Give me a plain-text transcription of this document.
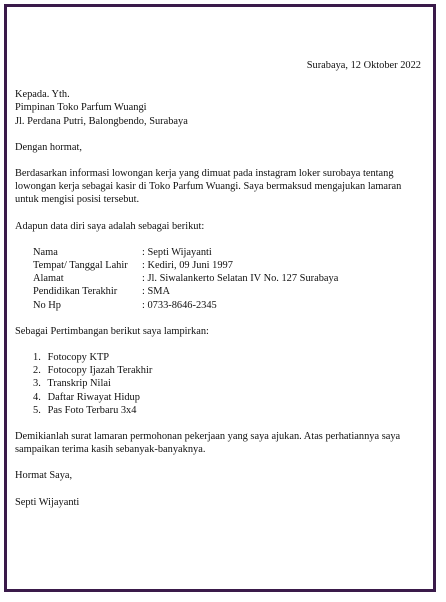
Surabaya, 12 Oktober 2022

Kepada. Yth.
Pimpinan Toko Parfum Wuangi
Jl. Perdana Putri, Balongbendo, Surabaya

Dengan hormat,

Berdasarkan informasi lowongan kerja yang dimuat pada instagram loker surobaya tentang lowongan kerja sebagai kasir di Toko Parfum Wuangi. Saya bermaksud mengajukan lamaran untuk mengisi posisi tersebut.

Adapun data diri saya adalah sebagai berikut:

Nama	: Septi Wijayanti
Tempat/ Tanggal Lahir	: Kediri, 09 Juni 1997
Alamat	: Jl. Siwalankerto Selatan IV No. 127 Surabaya
Pendidikan Terakhir	: SMA
No Hp	: 0733-8646-2345

Sebagai Pertimbangan berikut saya lampirkan:

1. Fotocopy KTP
2. Fotocopy Ijazah Terakhir
3. Transkrip Nilai
4. Daftar Riwayat Hidup
5. Pas Foto Terbaru 3x4

Demikianlah surat lamaran permohonan pekerjaan yang saya ajukan. Atas perhatiannya saya sampaikan terima kasih sebanyak-banyaknya.

Hormat Saya,

Septi Wijayanti
